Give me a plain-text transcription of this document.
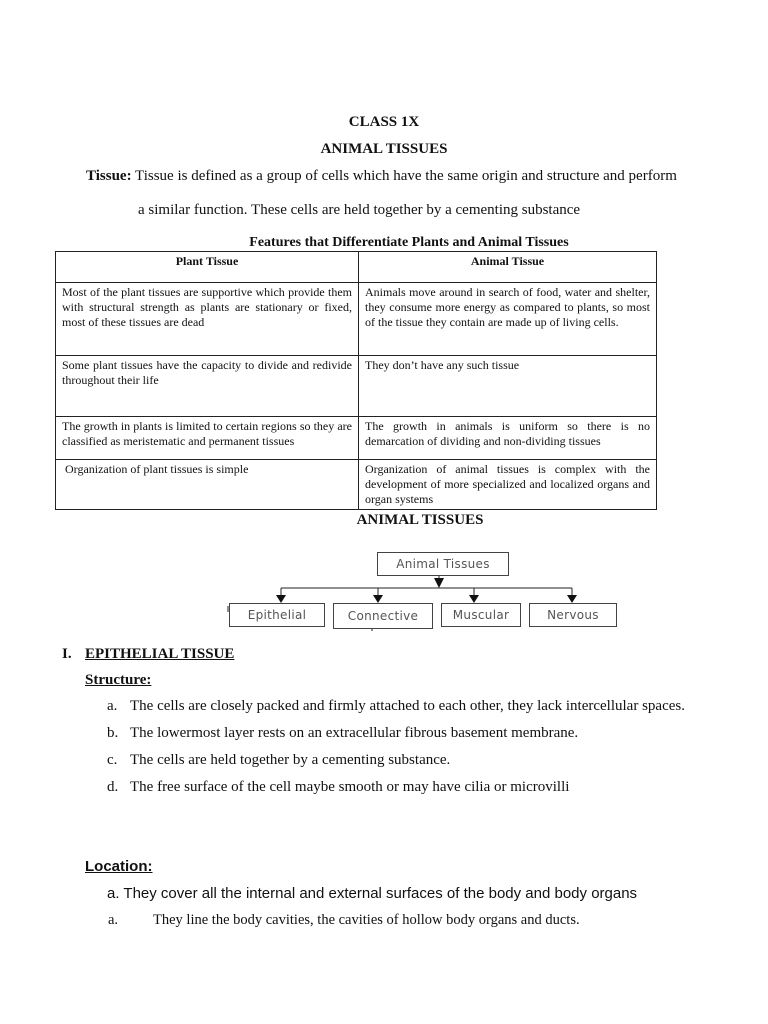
CLASS 1X
ANIMAL TISSUES
Tissue: Tissue is defined as a group of cells which have the same origin and structure and perform
a similar function. These cells are held together by a cementing substance
Features that Differentiate Plants and Animal Tissues
Plant Tissue	Animal Tissue
Most of the plant tissues are supportive which provide them with structural strength as plants are stationary or fixed, most of these tissues are dead	Animals move around in search of food, water and shelter, they consume more energy as compared to plants, so most of the tissue they contain are made up of living cells.
Some plant tissues have the capacity to divide and redivide throughout their life	They don’t have any such tissue
The growth in plants is limited to certain regions so they are classified as meristematic and permanent tissues	The growth in animals is uniform so there is no demarcation of dividing and non-dividing tissues
Organization of plant tissues is simple	Organization of animal tissues is complex with the development of more specialized and localized organs and organ systems
ANIMAL TISSUES
Animal Tissues
Epithelial	Connective	Muscular	Nervous
I. EPITHELIAL TISSUE
Structure:
a. The cells are closely packed and firmly attached to each other, they lack intercellular spaces.
b. The lowermost layer rests on an extracellular fibrous basement membrane.
c. The cells are held together by a cementing substance.
d. The free surface of the cell maybe smooth or may have cilia or microvilli
Location:
a. They cover all the internal and external surfaces of the body and body organs
a. They line the body cavities, the cavities of hollow body organs and ducts.
